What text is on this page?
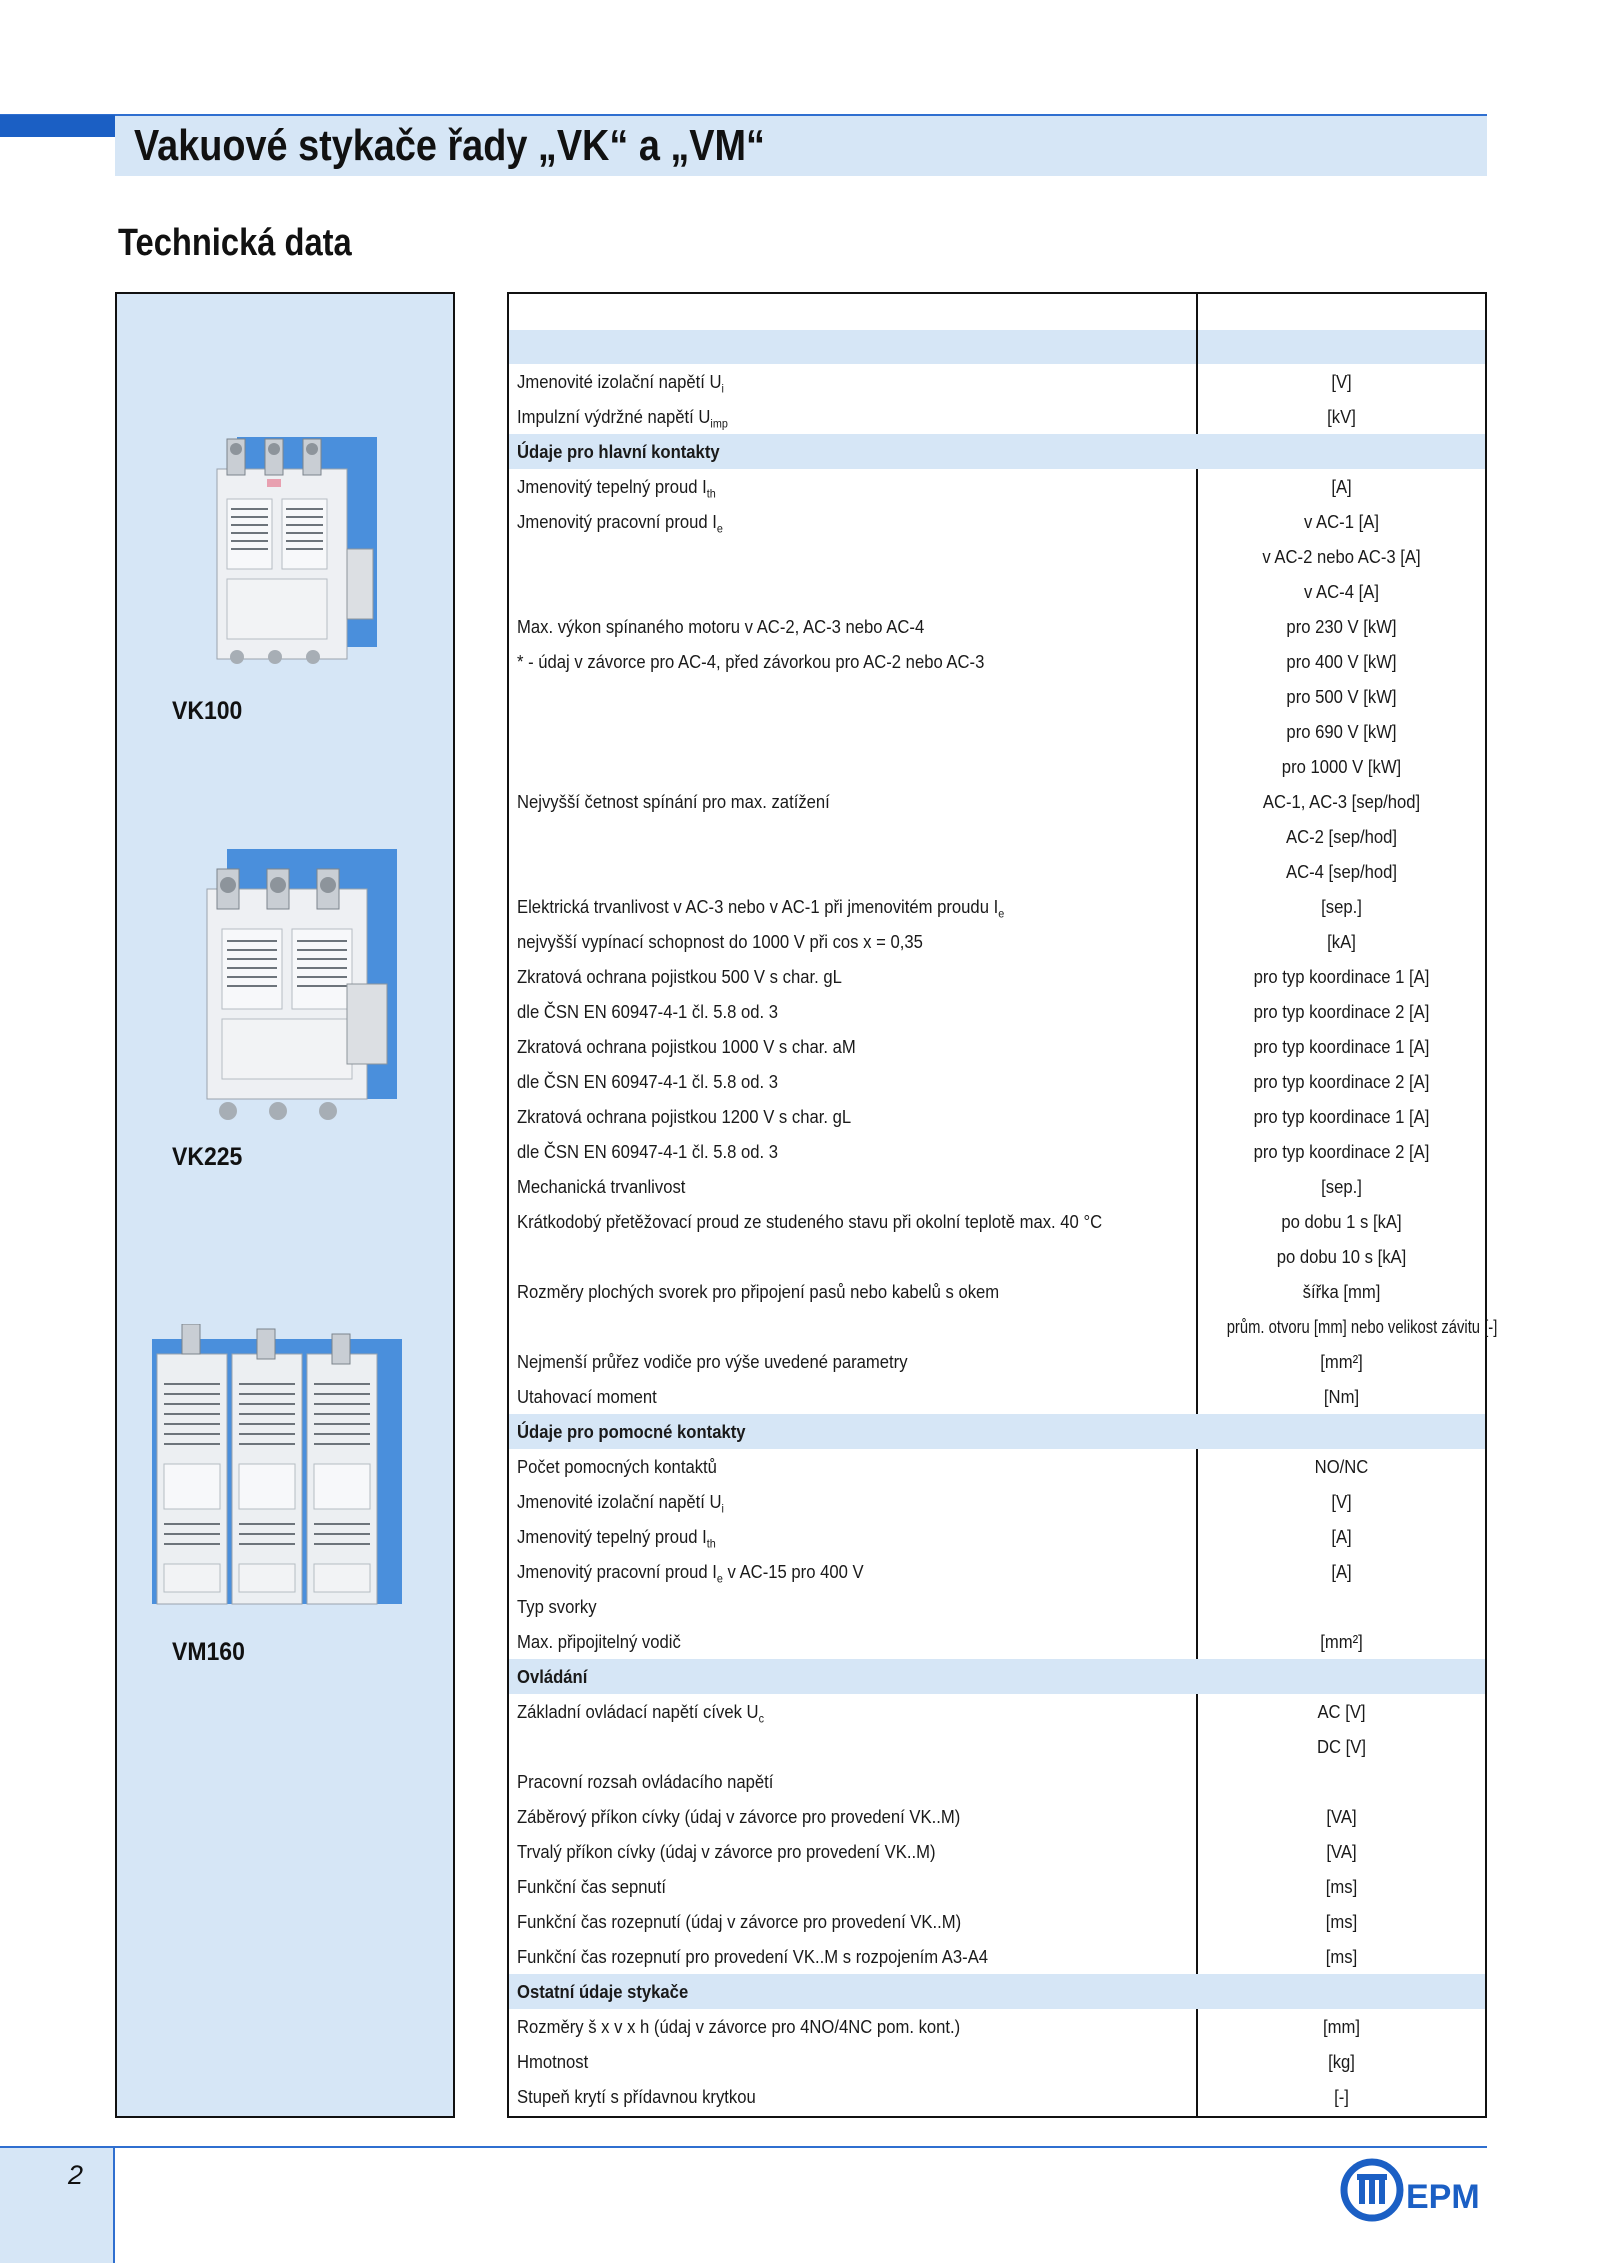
Vakuové stykače řady „VK“ a „VM“
Technická data
VK100
VK225
VM160
Jmenovité izolační napětí $U_i$	[V]
Impulzní výdržné napětí $U_{imp}$	[kV]
Údaje pro hlavní kontakty
Jmenovitý tepelný proud $I_{th}$	[A]
Jmenovitý pracovní proud $I_e$	v AC-1 [A]
v AC-2 nebo AC-3 [A]
v AC-4 [A]
Max. výkon spínaného motoru v AC-2, AC-3 nebo AC-4	pro 230 V [kW]
* - údaj v závorce pro AC-4, před závorkou pro AC-2 nebo AC-3	pro 400 V [kW]
pro 500 V [kW]
pro 690 V [kW]
pro 1000 V [kW]
Nejvyšší četnost spínání pro max. zatížení	AC-1, AC-3 [sep/hod]
AC-2 [sep/hod]
AC-4 [sep/hod]
Elektrická trvanlivost v AC-3 nebo v AC-1 při jmenovitém proudu $I_e$	[sep.]
nejvyšší vypínací schopnost do 1000 V při cos x = 0,35	[kA]
Zkratová ochrana pojistkou 500 V s char. gL	pro typ koordinace 1 [A]
dle ČSN EN 60947-4-1 čl. 5.8 od. 3	pro typ koordinace 2 [A]
Zkratová ochrana pojistkou 1000 V s char. aM	pro typ koordinace 1 [A]
dle ČSN EN 60947-4-1 čl. 5.8 od. 3	pro typ koordinace 2 [A]
Zkratová ochrana pojistkou 1200 V s char. gL	pro typ koordinace 1 [A]
dle ČSN EN 60947-4-1 čl. 5.8 od. 3	pro typ koordinace 2 [A]
Mechanická trvanlivost	[sep.]
Krátkodobý přetěžovací proud ze studeného stavu při okolní teplotě max. 40 °C	po dobu 1 s [kA]
po dobu 10 s [kA]
Rozměry plochých svorek pro připojení pasů nebo kabelů s okem	šířka [mm]
prům. otvoru [mm] nebo velikost závitu [-]
Nejmenší průřez vodiče pro výše uvedené parametry	[mm²]
Utahovací moment	[Nm]
Údaje pro pomocné kontakty
Počet pomocných kontaktů	NO/NC
Jmenovité izolační napětí $U_i$	[V]
Jmenovitý tepelný proud $I_{th}$	[A]
Jmenovitý pracovní proud $I_e$ v AC-15 pro 400 V	[A]
Typ svorky
Max. připojitelný vodič	[mm²]
Ovládání
Základní ovládací napětí cívek $U_c$	AC [V]
DC [V]
Pracovní rozsah ovládacího napětí
Záběrový příkon cívky (údaj v závorce pro provedení VK..M)	[VA]
Trvalý příkon cívky (údaj v závorce pro provedení VK..M)	[VA]
Funkční čas sepnutí	[ms]
Funkční čas rozepnutí (údaj v závorce pro provedení VK..M)	[ms]
Funkční čas rozepnutí pro provedení VK..M s rozpojením A3-A4	[ms]
Ostatní údaje stykače
Rozměry š x v x h (údaj v závorce pro 4NO/4NC pom. kont.)	[mm]
Hmotnost	[kg]
Stupeň krytí s přídavnou krytkou	[-]
2
EPM
